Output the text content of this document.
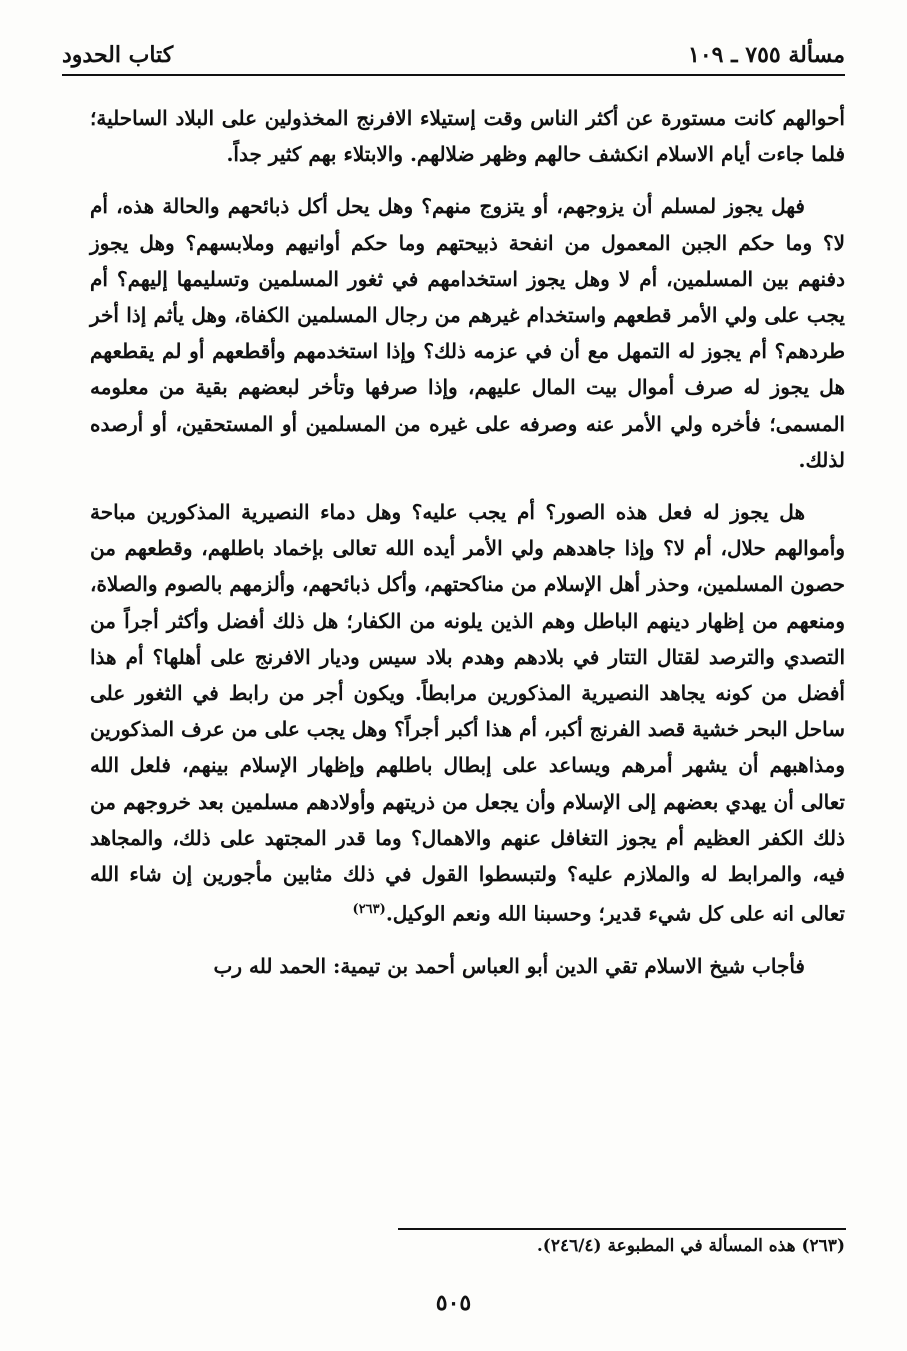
مسألة ٧٥٥ ـ ١٠٩
كتاب الحدود

أحوالهم كانت مستورة عن أكثر الناس وقت إستيلاء الافرنج المخذولين على البلاد الساحلية؛ فلما جاءت أيام الاسلام انكشف حالهم وظهر ضلالهم. والابتلاء بهم كثير جداً.

فهل يجوز لمسلم أن يزوجهم، أو يتزوج منهم؟ وهل يحل أكل ذبائحهم والحالة هذه، أم لا؟ وما حكم الجبن المعمول من انفحة ذبيحتهم وما حكم أوانيهم وملابسهم؟ وهل يجوز دفنهم بين المسلمين، أم لا وهل يجوز استخدامهم في ثغور المسلمين وتسليمها إليهم؟ أم يجب على ولي الأمر قطعهم واستخدام غيرهم من رجال المسلمين الكفاة، وهل يأثم إذا أخر طردهم؟ أم يجوز له التمهل مع أن في عزمه ذلك؟ وإذا استخدمهم وأقطعهم أو لم يقطعهم هل يجوز له صرف أموال بيت المال عليهم، وإذا صرفها وتأخر لبعضهم بقية من معلومه المسمى؛ فأخره ولي الأمر عنه وصرفه على غيره من المسلمين أو المستحقين، أو أرصده لذلك.

هل يجوز له فعل هذه الصور؟ أم يجب عليه؟ وهل دماء النصيرية المذكورين مباحة وأموالهم حلال، أم لا؟ وإذا جاهدهم ولي الأمر أيده الله تعالى بإخماد باطلهم، وقطعهم من حصون المسلمين، وحذر أهل الإسلام من مناكحتهم، وأكل ذبائحهم، وألزمهم بالصوم والصلاة، ومنعهم من إظهار دينهم الباطل وهم الذين يلونه من الكفار؛ هل ذلك أفضل وأكثر أجراً من التصدي والترصد لقتال التتار في بلادهم وهدم بلاد سيس وديار الافرنج على أهلها؟ أم هذا أفضل من كونه يجاهد النصيرية المذكورين مرابطاً. ويكون أجر من رابط في الثغور على ساحل البحر خشية قصد الفرنج أكبر، أم هذا أكبر أجراً؟ وهل يجب على من عرف المذكورين ومذاهبهم أن يشهر أمرهم ويساعد على إبطال باطلهم وإظهار الإسلام بينهم، فلعل الله تعالى أن يهدي بعضهم إلى الإسلام وأن يجعل من ذريتهم وأولادهم مسلمين بعد خروجهم من ذلك الكفر العظيم أم يجوز التغافل عنهم والاهمال؟ وما قدر المجتهد على ذلك، والمجاهد فيه، والمرابط له والملازم عليه؟ ولتبسطوا القول في ذلك مثابين مأجورين إن شاء الله تعالى انه على كل شيء قدير؛ وحسبنا الله ونعم الوكيل.$^{(٢٦٣)}$

فأجاب شيخ الاسلام تقي الدين أبو العباس أحمد بن تيمية: الحمد لله رب

(٢٦٣) هذه المسألة في المطبوعة (٢٤٦/٤).
٥٠٥
